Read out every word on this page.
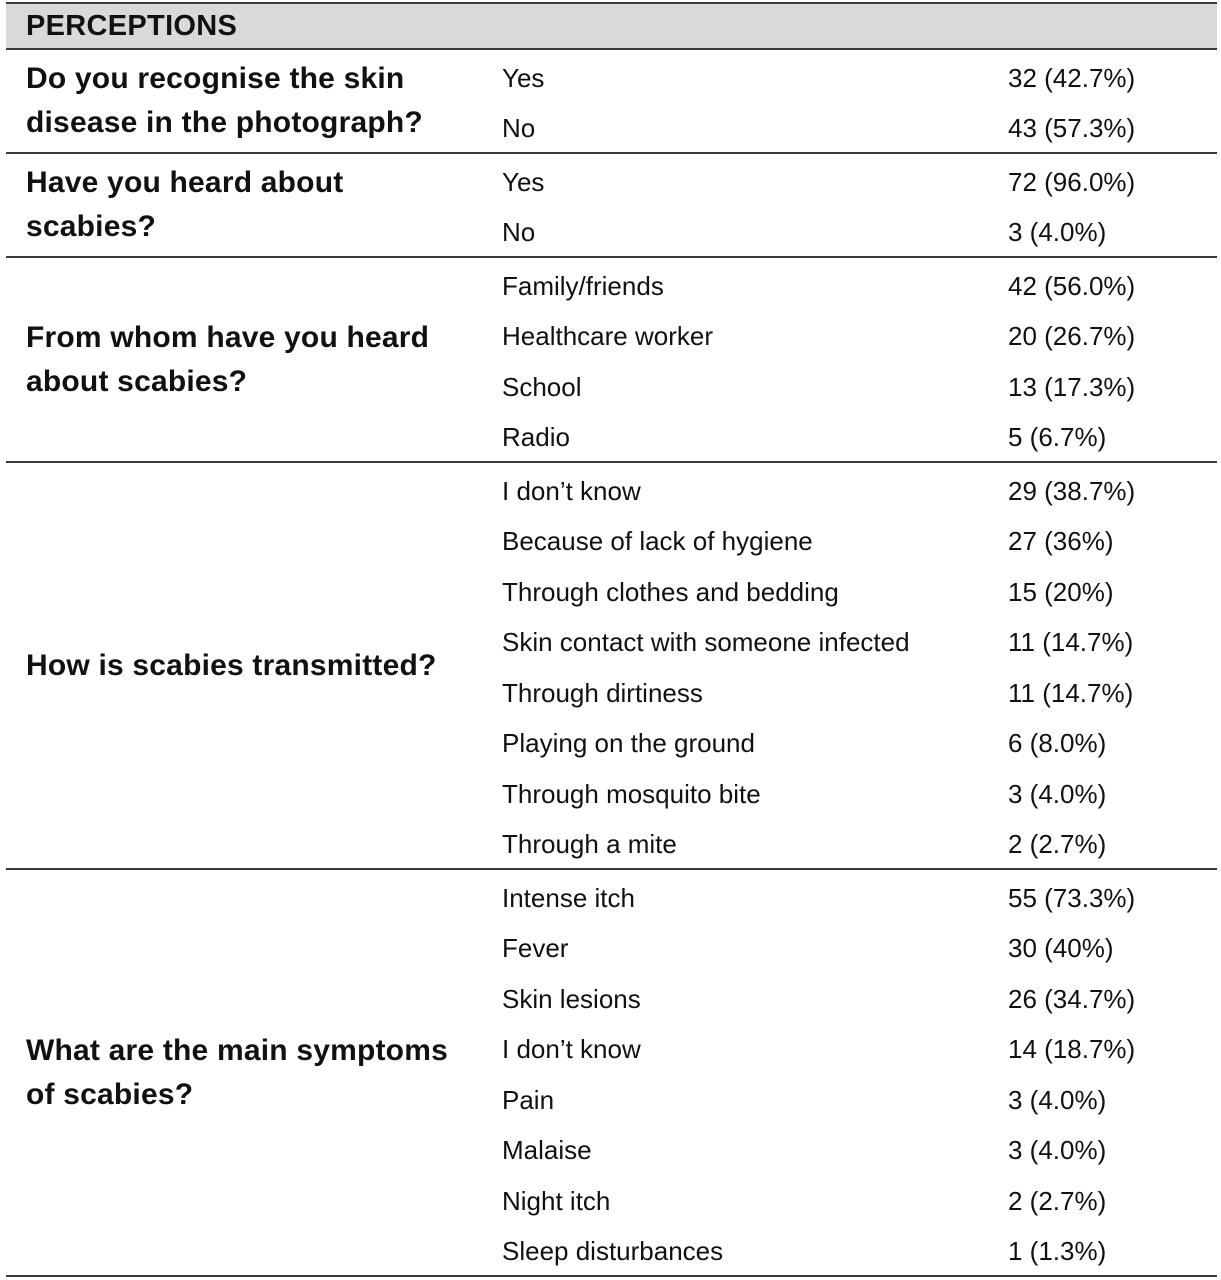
PERCEPTIONS
Do you recognise the skin disease in the photograph?
Yes	32 (42.7%)
No	43 (57.3%)
Have you heard about scabies?
Yes	72 (96.0%)
No	3 (4.0%)
From whom have you heard about scabies?
Family/friends	42 (56.0%)
Healthcare worker	20 (26.7%)
School	13 (17.3%)
Radio	5 (6.7%)
How is scabies transmitted?
I don’t know	29 (38.7%)
Because of lack of hygiene	27 (36%)
Through clothes and bedding	15 (20%)
Skin contact with someone infected	11 (14.7%)
Through dirtiness	11 (14.7%)
Playing on the ground	6 (8.0%)
Through mosquito bite	3 (4.0%)
Through a mite	2 (2.7%)
What are the main symptoms of scabies?
Intense itch	55 (73.3%)
Fever	30 (40%)
Skin lesions	26 (34.7%)
I don’t know	14 (18.7%)
Pain	3 (4.0%)
Malaise	3 (4.0%)
Night itch	2 (2.7%)
Sleep disturbances	1 (1.3%)
